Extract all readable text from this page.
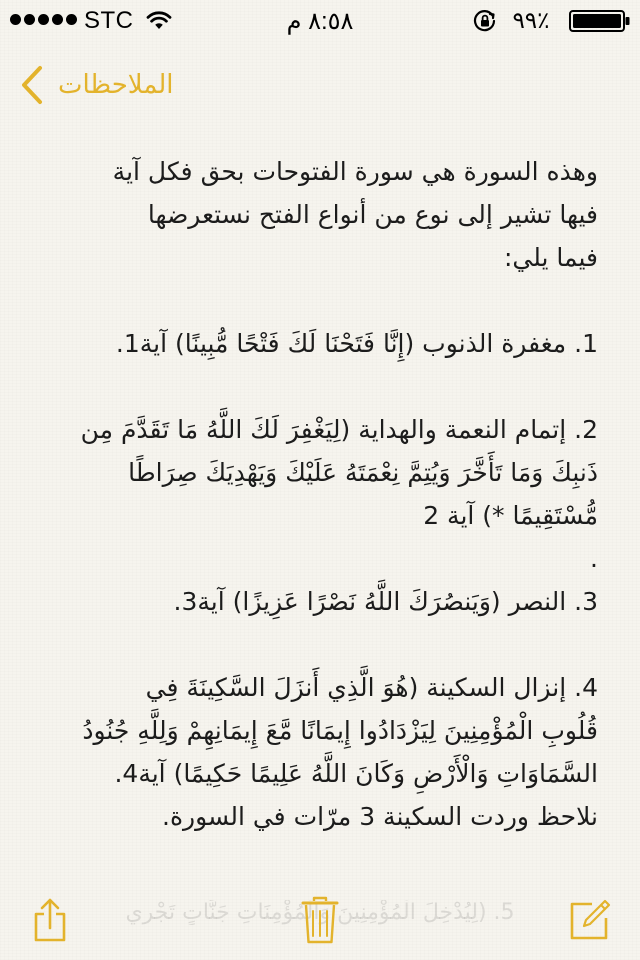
STC	٨:٥٨ م	٪٩٩
الملاحظات

وهذه السورة هي سورة الفتوحات بحق فكل آية

فيها تشير إلى نوع من أنواع الفتح نستعرضها

فيما يلي:

1. مغفرة الذنوب (إِنَّا فَتَحْنَا لَكَ فَتْحًا مُّبِينًا) آية1.

2. إتمام النعمة والهداية (لِيَغْفِرَ لَكَ اللَّهُ مَا تَقَدَّمَ مِن

ذَنبِكَ وَمَا تَأَخَّرَ وَيُتِمَّ نِعْمَتَهُ عَلَيْكَ وَيَهْدِيَكَ صِرَاطًا

مُّسْتَقِيمًا *) آية 2

.

3. النصر (وَيَنصُرَكَ اللَّهُ نَصْرًا عَزِيزًا) آية3.

4. إنزال السكينة (هُوَ الَّذِي أَنزَلَ السَّكِينَةَ فِي

قُلُوبِ الْمُؤْمِنِينَ لِيَزْدَادُوا إِيمَانًا مَّعَ إِيمَانِهِمْ وَلِلَّهِ جُنُودُ

السَّمَاوَاتِ وَالْأَرْضِ وَكَانَ اللَّهُ عَلِيمًا حَكِيمًا) آية4.

نلاحظ وردت السكينة 3 مرّات في السورة.

5. (لِيُدْخِلَ الْمُؤْمِنِينَ وَالْمُؤْمِنَاتِ جَنَّاتٍ تَجْرِي
